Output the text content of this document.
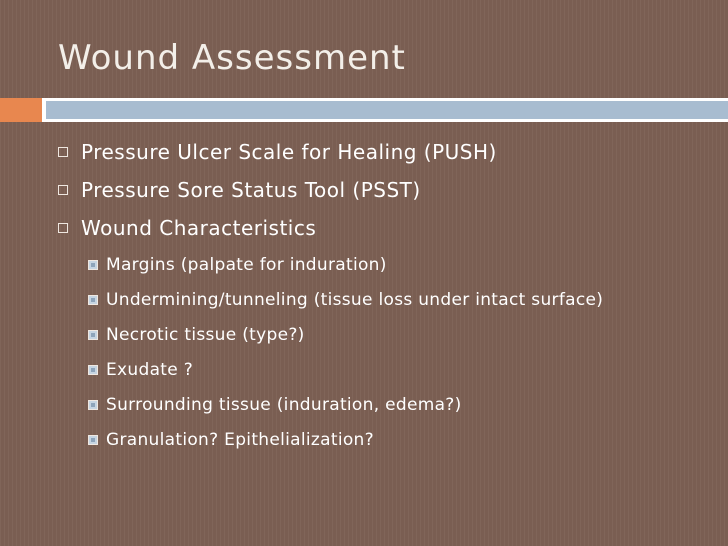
Wound Assessment
Pressure Ulcer Scale for Healing (PUSH)
Pressure Sore Status Tool (PSST)
Wound Characteristics
Margins (palpate for induration)
Undermining/tunneling (tissue loss under intact surface)
Necrotic tissue (type?)
Exudate ?
Surrounding tissue (induration, edema?)
Granulation? Epithelialization?
